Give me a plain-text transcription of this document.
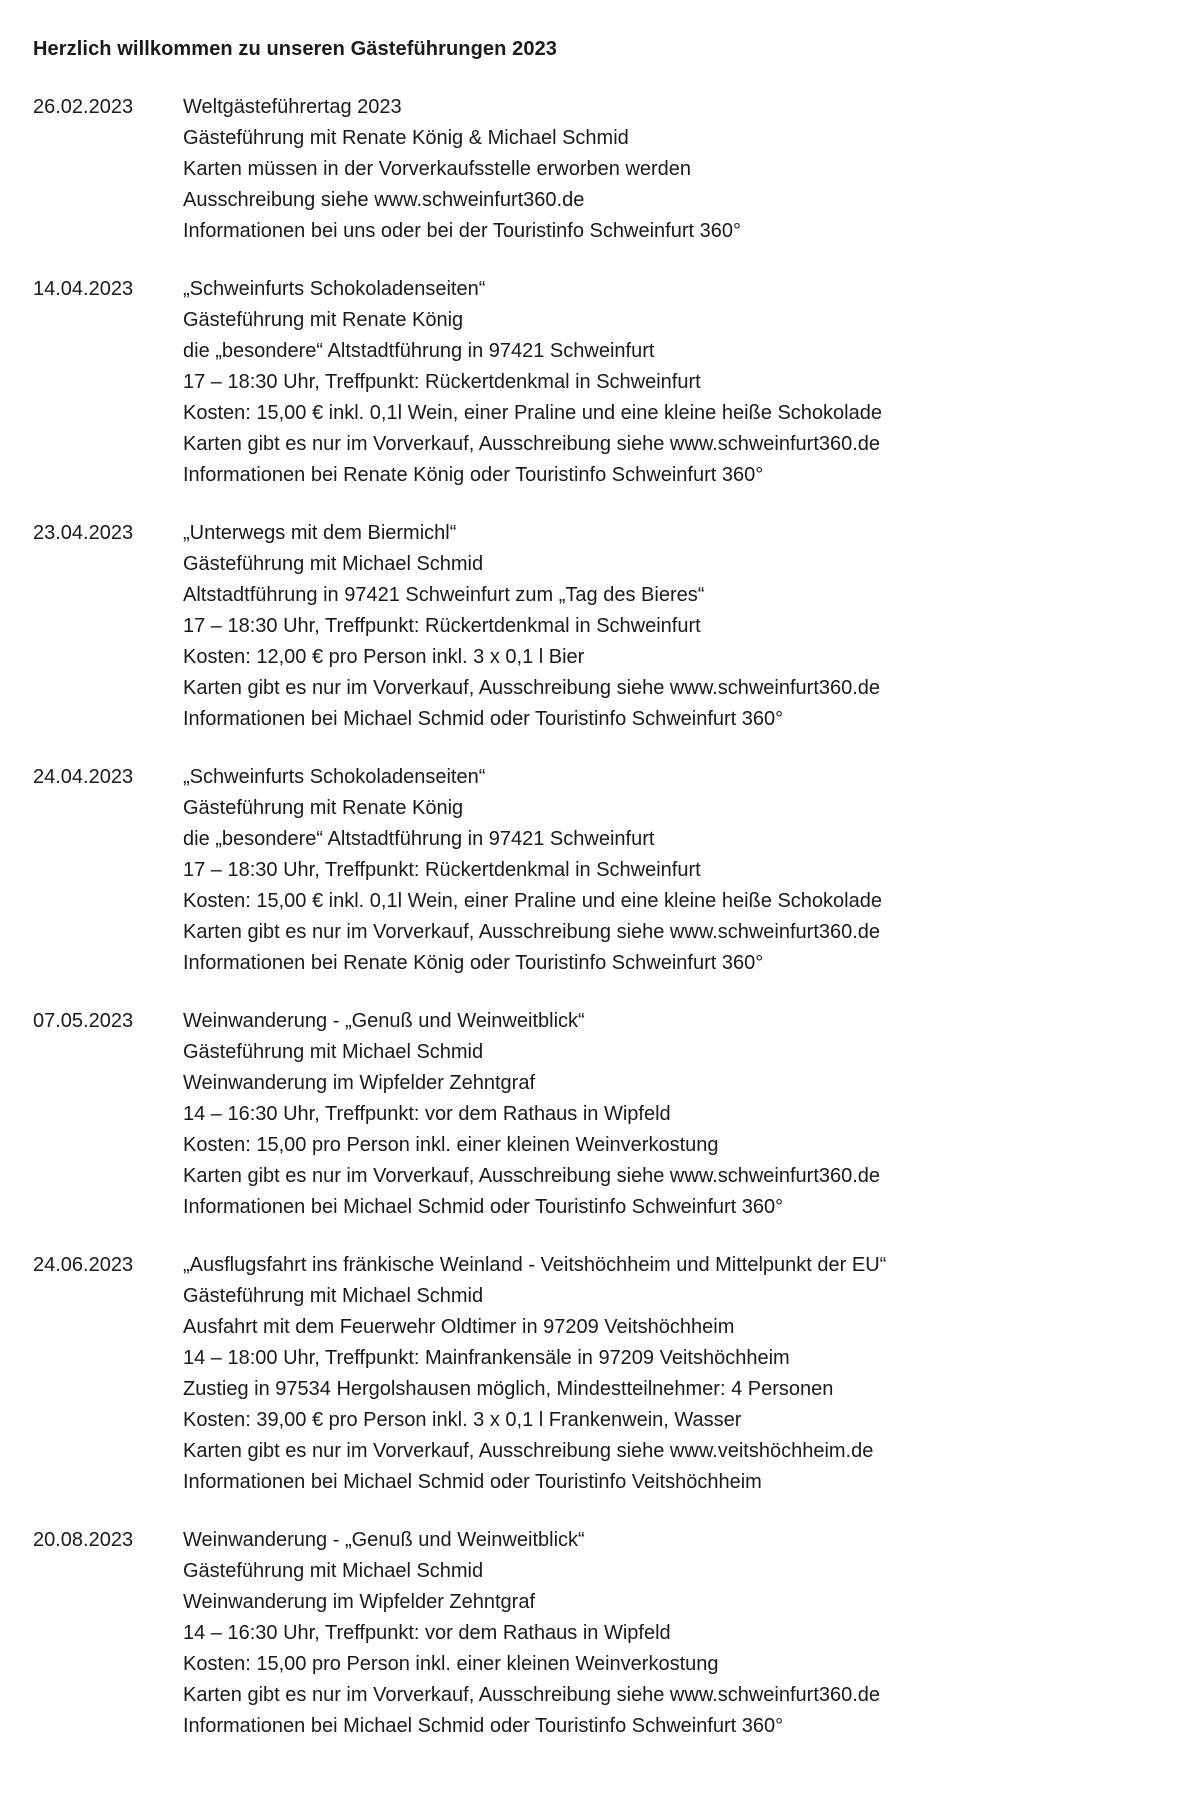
Herzlich willkommen zu unseren Gästeführungen 2023
26.02.2023	Weltgästeführertag 2023
Gästeführung mit Renate König & Michael Schmid
Karten müssen in der Vorverkaufsstelle erworben werden
Ausschreibung siehe www.schweinfurt360.de
Informationen bei uns oder bei der Touristinfo Schweinfurt 360°
14.04.2023	„Schweinfurts Schokoladenseiten“
Gästeführung mit Renate König
die „besondere“ Altstadtführung in 97421 Schweinfurt
17 – 18:30 Uhr, Treffpunkt: Rückertdenkmal in Schweinfurt
Kosten: 15,00 € inkl. 0,1l Wein, einer Praline und eine kleine heiße Schokolade
Karten gibt es nur im Vorverkauf, Ausschreibung siehe www.schweinfurt360.de
Informationen bei Renate König oder Touristinfo Schweinfurt 360°
23.04.2023	„Unterwegs mit dem Biermichl“
Gästeführung mit Michael Schmid
Altstadtführung in 97421 Schweinfurt zum „Tag des Bieres“
17 – 18:30 Uhr, Treffpunkt: Rückertdenkmal in Schweinfurt
Kosten: 12,00 € pro Person inkl. 3 x 0,1 l Bier
Karten gibt es nur im Vorverkauf, Ausschreibung siehe www.schweinfurt360.de
Informationen bei Michael Schmid oder Touristinfo Schweinfurt 360°
24.04.2023	„Schweinfurts Schokoladenseiten“
Gästeführung mit Renate König
die „besondere“ Altstadtführung in 97421 Schweinfurt
17 – 18:30 Uhr, Treffpunkt: Rückertdenkmal in Schweinfurt
Kosten: 15,00 € inkl. 0,1l Wein, einer Praline und eine kleine heiße Schokolade
Karten gibt es nur im Vorverkauf, Ausschreibung siehe www.schweinfurt360.de
Informationen bei Renate König oder Touristinfo Schweinfurt 360°
07.05.2023	Weinwanderung - „Genuß und Weinweitblick“
Gästeführung mit Michael Schmid
Weinwanderung im Wipfelder Zehntgraf
14 – 16:30 Uhr, Treffpunkt: vor dem Rathaus in Wipfeld
Kosten: 15,00 pro Person inkl. einer kleinen Weinverkostung
Karten gibt es nur im Vorverkauf, Ausschreibung siehe www.schweinfurt360.de
Informationen bei Michael Schmid oder Touristinfo Schweinfurt 360°
24.06.2023	„Ausflugsfahrt ins fränkische Weinland - Veitshöchheim und Mittelpunkt der EU“
Gästeführung mit Michael Schmid
Ausfahrt mit dem Feuerwehr Oldtimer in 97209 Veitshöchheim
14 – 18:00 Uhr, Treffpunkt: Mainfrankensäle in 97209 Veitshöchheim
Zustieg in 97534 Hergolshausen möglich, Mindestteilnehmer: 4 Personen
Kosten: 39,00 € pro Person inkl. 3 x 0,1 l Frankenwein, Wasser
Karten gibt es nur im Vorverkauf, Ausschreibung siehe www.veitshöchheim.de
Informationen bei Michael Schmid oder Touristinfo Veitshöchheim
20.08.2023	Weinwanderung - „Genuß und Weinweitblick“
Gästeführung mit Michael Schmid
Weinwanderung im Wipfelder Zehntgraf
14 – 16:30 Uhr, Treffpunkt: vor dem Rathaus in Wipfeld
Kosten: 15,00 pro Person inkl. einer kleinen Weinverkostung
Karten gibt es nur im Vorverkauf, Ausschreibung siehe www.schweinfurt360.de
Informationen bei Michael Schmid oder Touristinfo Schweinfurt 360°
